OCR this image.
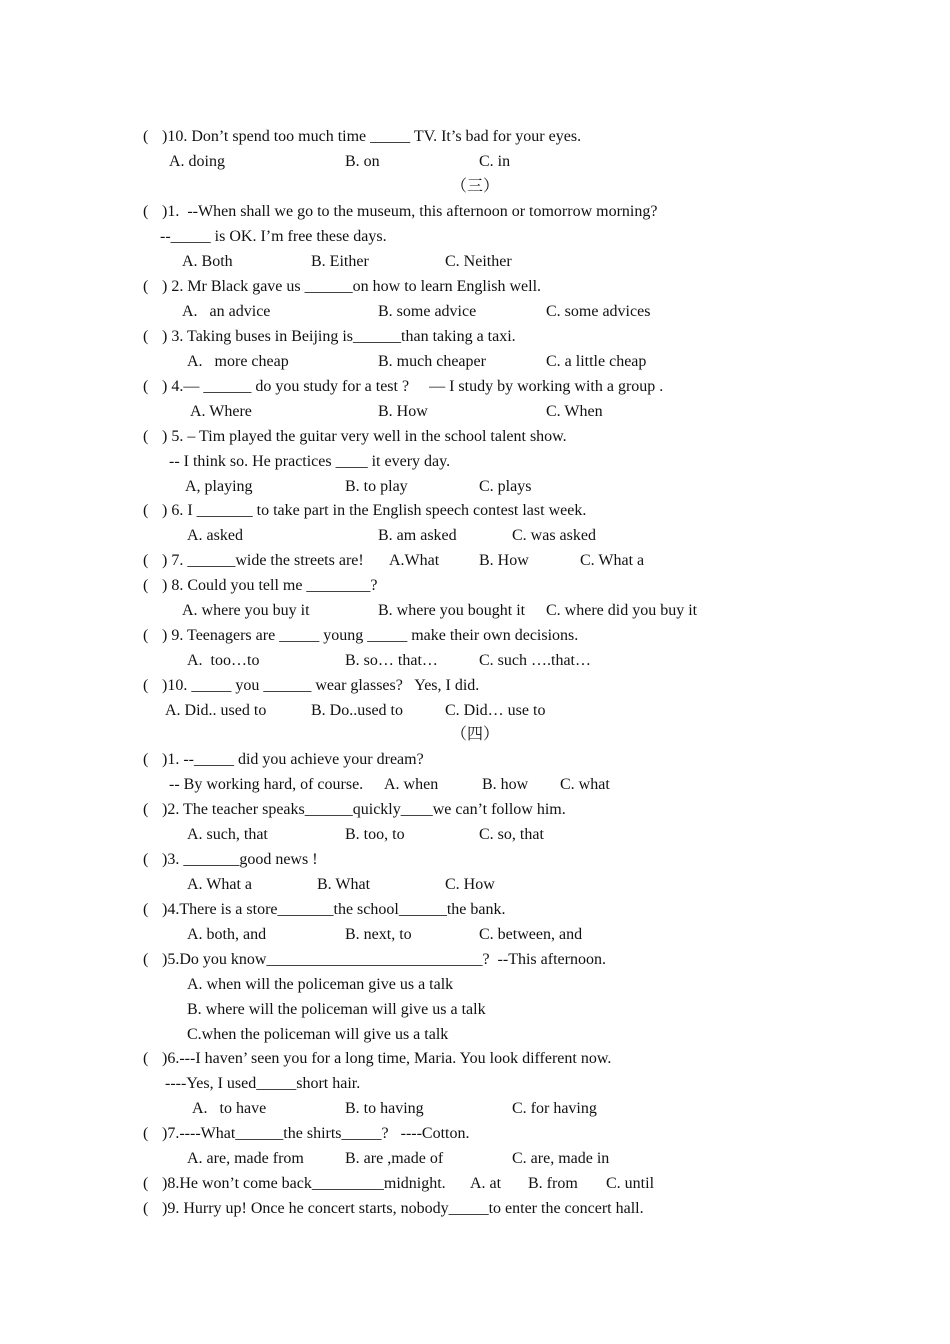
( )10. Don’t spend too much time _____ TV. It’s bad for your eyes.
A. doing	B. on	C. in
（三）
( )1.  --When shall we go to the museum, this afternoon or tomorrow morning?
--_____ is OK. I’m free these days.
A. Both	B. Either	C. Neither
( ) 2. Mr Black gave us ______on how to learn English well.
A.   an advice	B. some advice	C. some advices
( ) 3. Taking buses in Beijing is______than taking a taxi.
A.   more cheap	B. much cheaper	C. a little cheap
( ) 4.— ______ do you study for a test ?     — I study by working with a group .
A. Where	B. How	C. When
( ) 5. – Tim played the guitar very well in the school talent show.
-- I think so. He practices ____ it every day.
A, playing	B. to play	C. plays
( ) 6. I _______ to take part in the English speech contest last week.
A. asked	B. am asked	C. was asked
( ) 7. ______wide the streets are! A.What B. How	C. What a
( ) 8. Could you tell me ________?
A. where you buy it	B. where you bought it C. where did you buy it
( ) 9. Teenagers are _____ young _____ make their own decisions.
A.  too…to	B. so… that…	C. such ….that…
( )10. _____ you ______ wear glasses?   Yes, I did.
A. Did.. used to	B. Do..used to	C. Did… use to
（四）
( )1. --_____ did you achieve your dream?
-- By working hard, of course. A. when	B. how C. what
( )2. The teacher speaks______quickly____we can’t follow him.
A. such, that	B. too, to	C. so, that
( )3. _______good news !
A. What a	B. What	C. How
( )4.There is a store_______the school______the bank.
A. both, and	B. next, to	C. between, and
( )5.Do you know___________________________?  --This afternoon.
A. when will the policeman give us a talk
B. where will the policeman will give us a talk
C.when the policeman will give us a talk
( )6.---I haven’ seen you for a long time, Maria. You look different now.
----Yes, I used_____short hair.
A.   to have	B. to having	C. for having
( )7.----What______the shirts_____?   ----Cotton.
A. are, made from	B. are ,made of	C. are, made in
( )8.He won’t come back_________midnight. A. at B. from C. until
( )9. Hurry up! Once he concert starts, nobody_____to enter the concert hall.
